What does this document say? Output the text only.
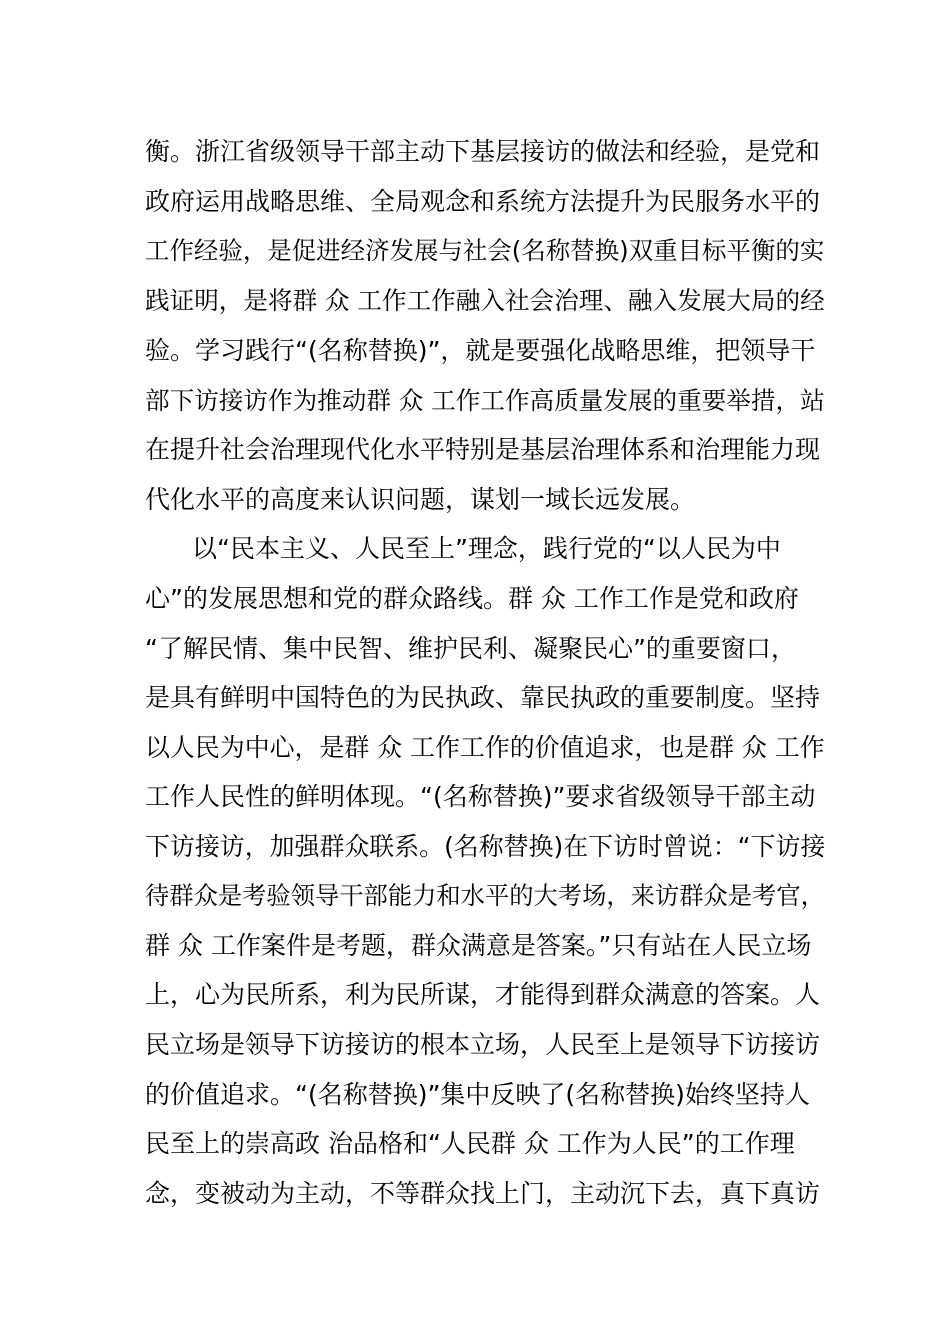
衡。浙江省级领导干部主动下基层接访的做法和经验，是党和
政府运用战略思维、全局观念和系统方法提升为民服务水平的
工作经验，是促进经济发展与社会(名称替换)双重目标平衡的实
践证明，是将群 众 工作工作融入社会治理、融入发展大局的经
验。学习践行“(名称替换)”，就是要强化战略思维，把领导干
部下访接访作为推动群 众 工作工作高质量发展的重要举措，站
在提升社会治理现代化水平特别是基层治理体系和治理能力现
代化水平的高度来认识问题，谋划一域长远发展。
以“民本主义、人民至上”理念，践行党的“以人民为中
心”的发展思想和党的群众路线。群 众 工作工作是党和政府
“了解民情、集中民智、维护民利、凝聚民心”的重要窗口，
是具有鲜明中国特色的为民执政、靠民执政的重要制度。坚持
以人民为中心，是群 众 工作工作的价值追求，也是群 众 工作
工作人民性的鲜明体现。“(名称替换)”要求省级领导干部主动
下访接访，加强群众联系。(名称替换)在下访时曾说：“下访接
待群众是考验领导干部能力和水平的大考场，来访群众是考官，
群 众 工作案件是考题，群众满意是答案。”只有站在人民立场
上，心为民所系，利为民所谋，才能得到群众满意的答案。人
民立场是领导下访接访的根本立场，人民至上是领导下访接访
的价值追求。“(名称替换)”集中反映了(名称替换)始终坚持人
民至上的崇高政 治品格和“人民群 众 工作为人民”的工作理
念，变被动为主动，不等群众找上门，主动沉下去，真下真访
